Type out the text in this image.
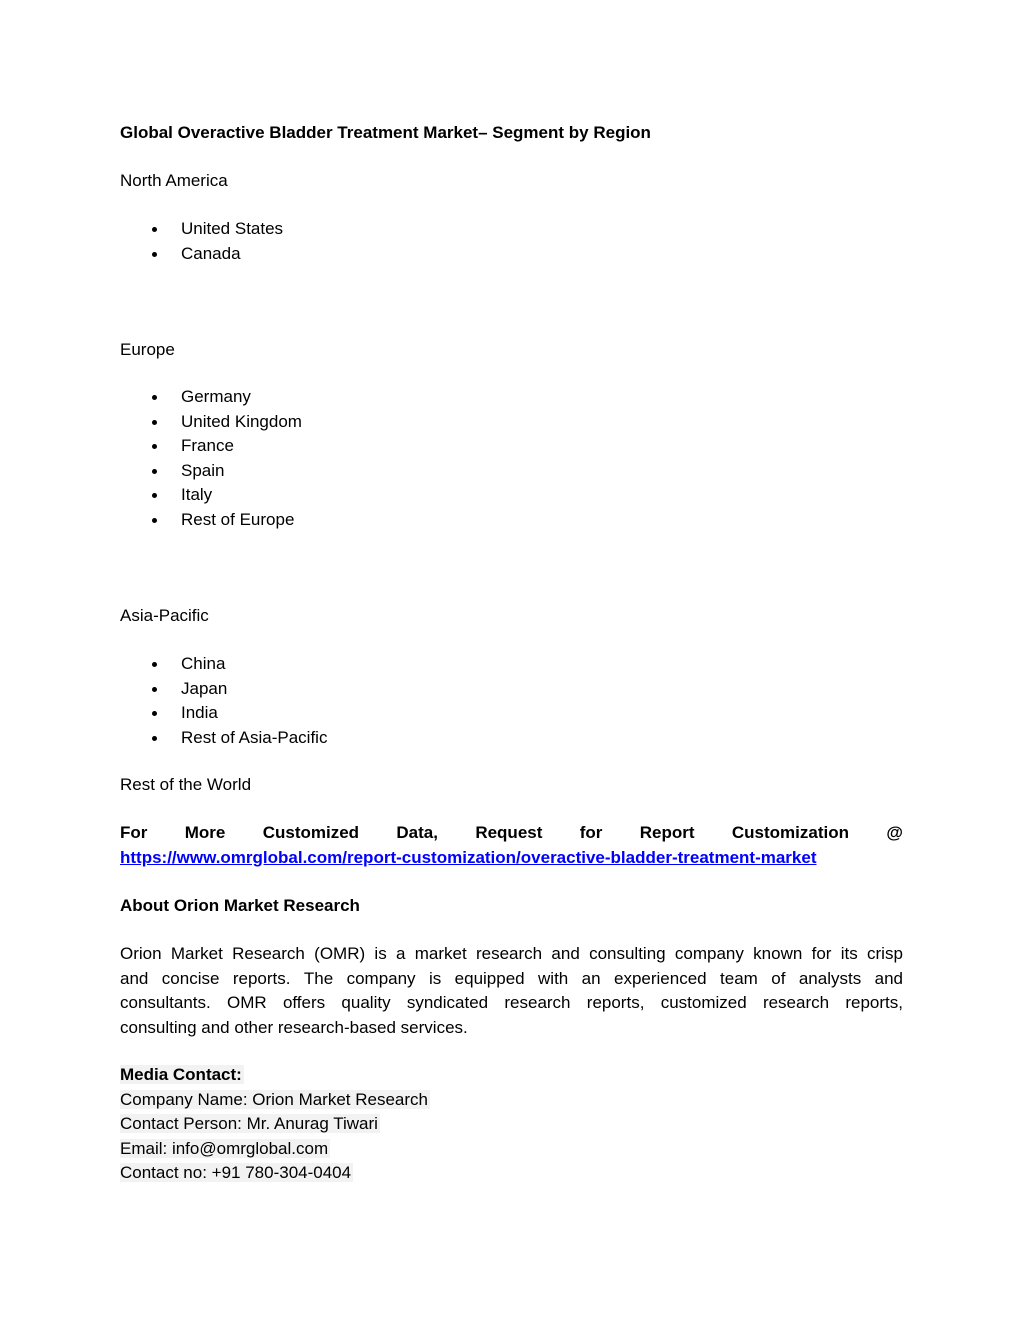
Global Overactive Bladder Treatment Market– Segment by Region
North America
United States
Canada
Europe
Germany
United Kingdom
France
Spain
Italy
Rest of Europe
Asia-Pacific
China
Japan
India
Rest of Asia-Pacific
Rest of the World
For More Customized Data, Request for Report Customization @
https://www.omrglobal.com/report-customization/overactive-bladder-treatment-market
About Orion Market Research
Orion Market Research (OMR) is a market research and consulting company known for its crisp
and concise reports. The company is equipped with an experienced team of analysts and
consultants. OMR offers quality syndicated research reports, customized research reports,
consulting and other research-based services.
Media Contact:
Company Name: Orion Market Research
Contact Person: Mr. Anurag Tiwari
Email: info@omrglobal.com
Contact no: +91 780-304-0404
